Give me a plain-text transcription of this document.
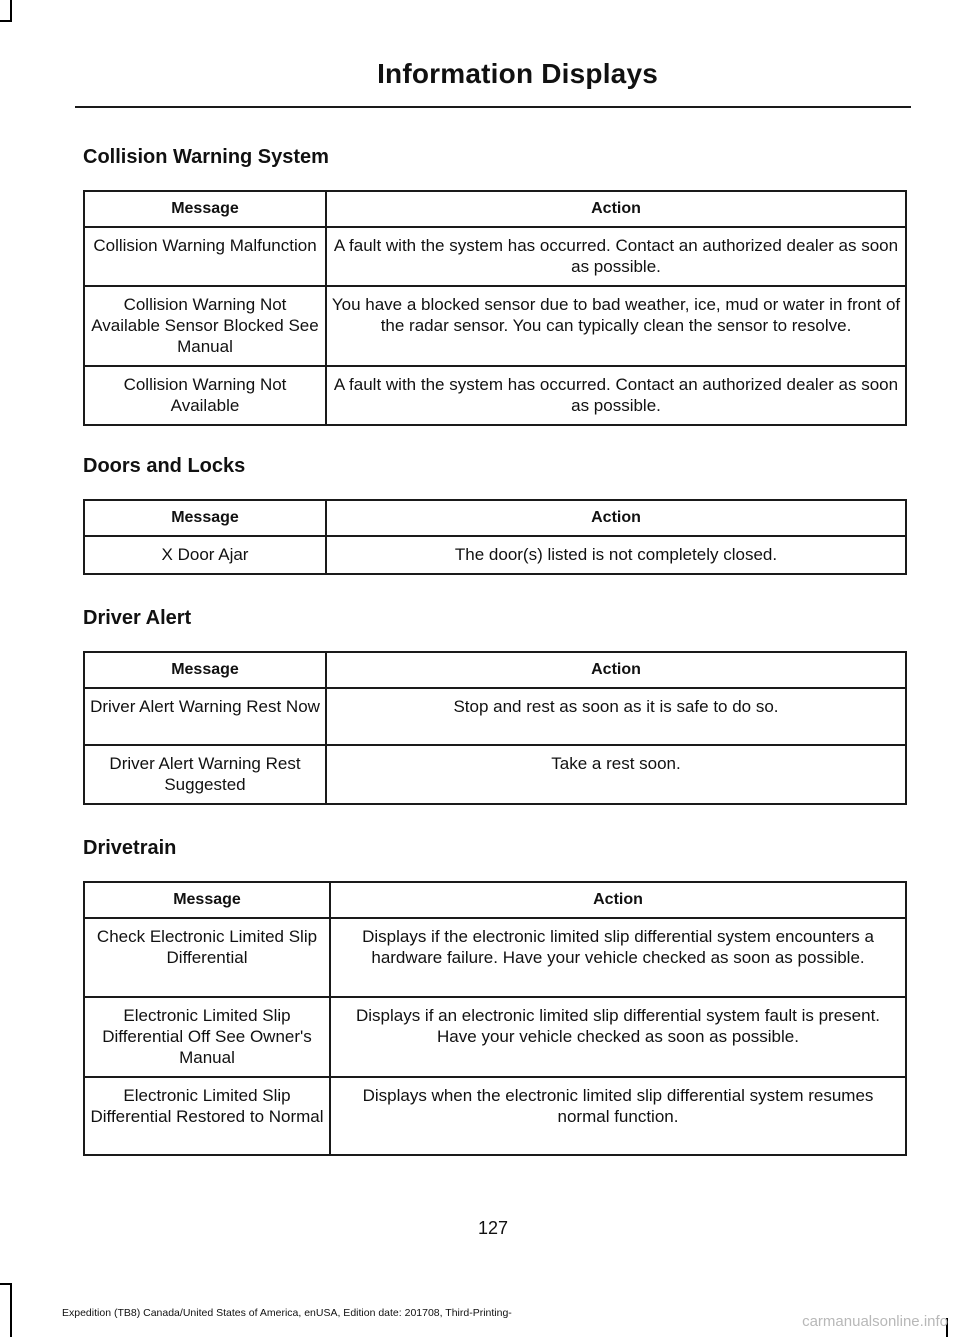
Information Displays
Collision Warning System
Message	Action
Collision Warning Malfunction	A fault with the system has occurred. Contact an authorized dealer as soon as possible.
Collision Warning Not Available Sensor Blocked See Manual	You have a blocked sensor due to bad weather, ice, mud or water in front of the radar sensor. You can typically clean the sensor to resolve.
Collision Warning Not Available	A fault with the system has occurred. Contact an authorized dealer as soon as possible.
Doors and Locks
Message	Action
X Door Ajar	The door(s) listed is not completely closed.
Driver Alert
Message	Action
Driver Alert Warning Rest Now	Stop and rest as soon as it is safe to do so.
Driver Alert Warning Rest Suggested	Take a rest soon.
Drivetrain
Message	Action
Check Electronic Limited Slip Differential	Displays if the electronic limited slip differential system encounters a hardware failure. Have your vehicle checked as soon as possible.
Electronic Limited Slip Differential Off See Owner's Manual	Displays if an electronic limited slip differential system fault is present. Have your vehicle checked as soon as possible.
Electronic Limited Slip Differential Restored to Normal	Displays when the electronic limited slip differential system resumes normal function.
127
Expedition (TB8) Canada/United States of America, enUSA, Edition date: 201708, Third-Printing-	carmanualsonline.info
